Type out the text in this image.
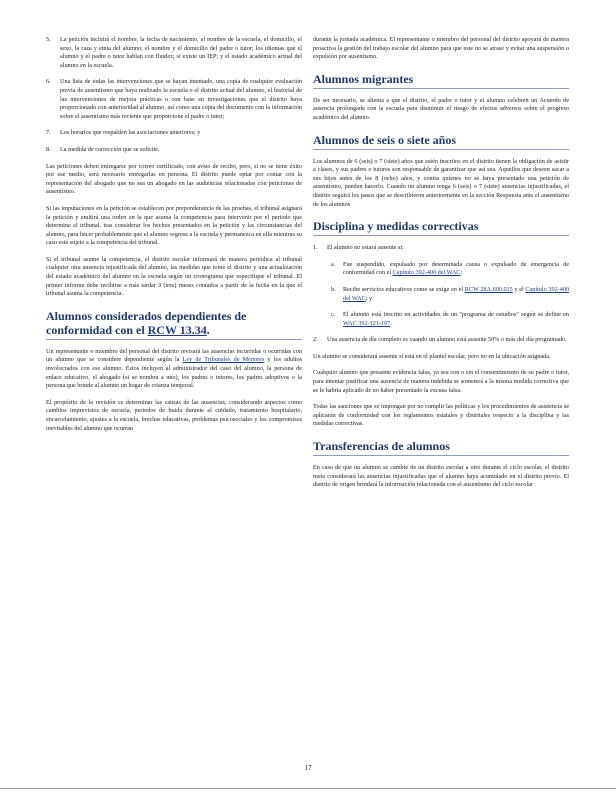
5.	La petición incluirá el nombre, la fecha de nacimiento, el nombre de la escuela, el domicilio, el sexo, la raza y etnia del alumno; el nombre y el domicilio del padre o tutor; los idiomas que el alumno y el padre o tutor hablan con fluidez; si existe un IEP; y el estado académico actual del alumno en la escuela.
6.	Una lista de todas las intervenciones que se hayan intentado, una copia de cualquier evaluación previa de ausentismo que haya realizado la escuela o el distrito actual del alumno, el historial de las intervenciones de mejora prácticas o con base en investigaciones que el distrito haya proporcionado con anterioridad al alumno, así como una copia del documento con la información sobre el ausentismo más reciente que proporcione el padre o tutor;
7.	Los horarios que respalden las asociaciones anteriores; y
8.	La medida de corrección que se solicite.

Las peticiones deben entregarse por correo certificado, con aviso de recibo, pero, si no se tiene éxito por ese medio, será necesario entregarlas en persona. El distrito puede optar por contar con la representación del abogado que no sea un abogado en las audiencias relacionadas con peticiones de ausentismo.

Si las imputaciones en la petición se establecen por preponderancia de las pruebas, el tribunal asignará la petición y emitirá una orden en la que asuma la competencia para intervenir por el periodo que determine el tribunal, tras considerar los hechos presentados en la petición y las circunstancias del alumno, para hacer probablemente que el alumno regrese a la escuela y permanezca en ella mientras su caso está sujeto a la competencia del tribunal.

Si el tribunal asume la competencia, el distrito escolar informará de manera periódica al tribunal cualquier otra ausencia injustificada del alumno, las medidas que tome el distrito y una actualización del estado académico del alumno en la escuela según un cronograma que especifique el tribunal. El primer informe debe recibirse a más tardar 3 (tres) meses contados a partir de la fecha en la que el tribunal asuma la competencia.

Alumnos considerados dependientes de conformidad con el RCW 13.34.

Un representante o miembro del personal del distrito revisará las ausencias incurridas o ocurridas con un alumno que se considere dependiente según la Ley de Tribunales de Menores y los adultos involucrados con ese alumno. Estos incluyen al administrador del caso del alumno, la persona de enlace educativo, el abogado (si se nombra a uno), los padres o tutores, los padres adoptivos o la persona que brinde al alumno un hogar de crianza temporal.

El propósito de la revisión es determinar las causas de las ausencias, considerando aspectos como cambios imprevistos de escuela, periodos de huida durante el cuidado, tratamiento hospitalario, encarcelamiento, ajustes a la escuela, brechas educativas, problemas psicosociales y los compromisos inevitables del alumno que ocurran

durante la jornada académica. El representante o miembro del personal del distrito apoyará de manera proactiva la gestión del trabajo escolar del alumno para que este no se atrase y evitar una suspensión o expulsión por ausentismo.

Alumnos migrantes

De ser necesario, se alienta a que el distrito, el padre o tutor y el alumno celebren un Acuerdo de ausencia prolongada con la escuela para disminuir el riesgo de efectos adversos sobre el progreso académico del alumno.

Alumnos de seis o siete años

Los alumnos de 6 (seis) o 7 (siete) años que estén inscritos en el distrito tienen la obligación de asistir a clases, y sus padres o tutores son responsable de garantizar que así sea. Aquellos que deseen sacar a sus hijos antes de los 8 (ocho) años, y contra quienes no se haya presentado una petición de ausentismo, pueden hacerlo. Cuando un alumno tenga 6 (seis) o 7 (siete) ausencias injustificadas, el distrito seguirá los pasos que se describieron anteriormente en la sección Respuesta ante el ausentismo de los alumnos

Disciplina y medidas correctivas
1.	El alumno no estará ausente si:
a.	Fue suspendido, expulsado por determinada causa o expulsado de emergencia de conformidad con el Capítulo 392-400 del WAC;
b.	Recibe servicios educativos como se exige en el RCW 28A.600.015 y el Capítulo 392-400 del WAC; y
c.	El alumno está inscrito en actividades de un "programa de estudios" según se define en WAC 392-121-107.
2.	Una ausencia de día completo es cuando un alumno está ausente 50% o más del día programado.

Un alumno se considerará ausente si está en el plantel escolar, pero no en la ubicación asignada.

Cualquier alumno que presente evidencia falsa, ya sea con o sin el consentimiento de su padre o tutor, para intentar justificar una ausencia de manera indebida se someterá a la misma medida correctiva que se le habría aplicado de no haber presentado la excusa falsa.

Todas las sanciones que se impongan por no cumplir las políticas y los procedimientos de asistencia se aplicarán de conformidad con los reglamentos estatales y distritales respecto a la disciplina y las medidas correctivas.

Transferencias de alumnos

En caso de que un alumno se cambie de un distrito escolar a otro durante el ciclo escolar, el distrito meta considerará las ausencias injustificadas que el alumno haya acumulado en el distrito previo. El distrito de origen brindará la información relacionada con el ausentismo del ciclo escolar

17
